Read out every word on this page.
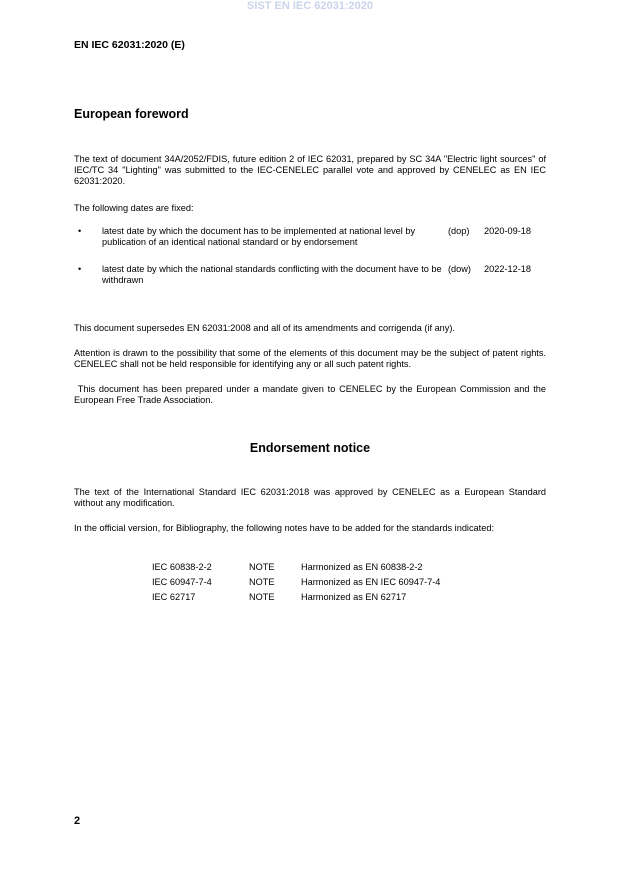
SIST EN IEC 62031:2020
EN IEC 62031:2020 (E)
European foreword
The text of document 34A/2052/FDIS, future edition 2 of IEC 62031, prepared by SC 34A "Electric light sources" of IEC/TC 34 "Lighting" was submitted to the IEC-CENELEC parallel vote and approved by CENELEC as EN IEC 62031:2020.
The following dates are fixed:
• latest date by which the document has to be implemented at national level by publication of an identical national standard or by endorsement
(dop) 2020-09-18
• latest date by which the national standards conflicting with the document have to be withdrawn
(dow) 2022-12-18
This document supersedes EN 62031:2008 and all of its amendments and corrigenda (if any).
Attention is drawn to the possibility that some of the elements of this document may be the subject of patent rights. CENELEC shall not be held responsible for identifying any or all such patent rights.
This document has been prepared under a mandate given to CENELEC by the European Commission and the European Free Trade Association.
Endorsement notice
The text of the International Standard IEC 62031:2018 was approved by CENELEC as a European Standard without any modification.
In the official version, for Bibliography, the following notes have to be added for the standards indicated:
IEC 60838-2-2	NOTE	Harmonized as EN 60838-2-2
IEC 60947-7-4	NOTE	Harmonized as EN IEC 60947-7-4
IEC 62717	NOTE	Harmonized as EN 62717
2
